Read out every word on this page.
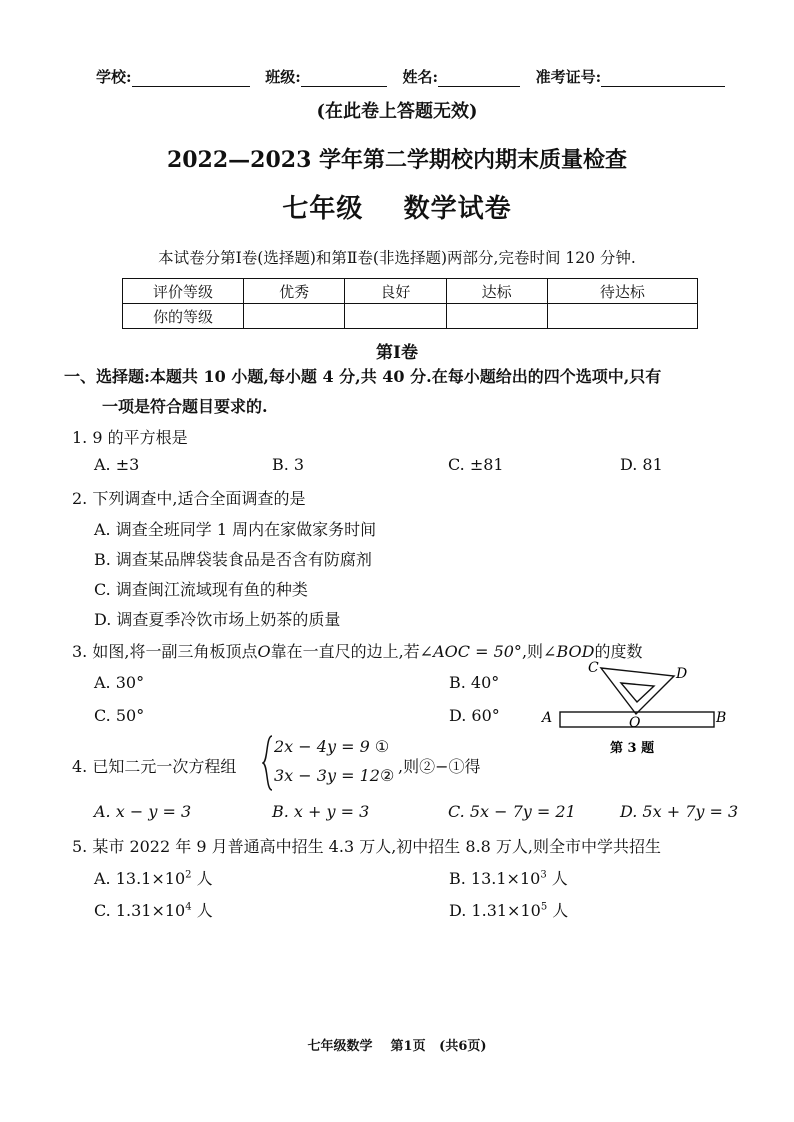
学校:	班级:	姓名:	准考证号:
(在此卷上答题无效)
2022—2023 学年第二学期校内期末质量检查
七年级    数学试卷
本试卷分第Ⅰ卷(选择题)和第Ⅱ卷(非选择题)两部分,完卷时间 120 分钟.
评价等级	优秀	良好	达标	待达标
你的等级				
第Ⅰ卷
一、选择题:本题共 10 小题,每小题 4 分,共 40 分.在每小题给出的四个选项中,只有
一项是符合题目要求的.
1. 9 的平方根是
A. ±3	B. 3	C. ±81	D. 81
2. 下列调查中,适合全面调查的是
A. 调查全班同学 1 周内在家做家务时间
B. 调查某品牌袋装食品是否含有防腐剂
C. 调查闽江流域现有鱼的种类
D. 调查夏季冷饮市场上奶茶的质量
3. 如图,将一副三角板顶点O靠在一直尺的边上,若∠AOC = 50°,则∠BOD的度数
A. 30°	B. 40°
C. 50°	D. 60°
C	D
A	O	B
第 3 题
4. 已知二元一次方程组
2x − 4y = 9 ①
3x − 3y = 12② ,则②−①得
A. x − y = 3	B. x + y = 3	C. 5x − 7y = 21	D. 5x + 7y = 3
5. 某市 2022 年 9 月普通高中招生 4.3 万人,初中招生 8.8 万人,则全市中学共招生
A. $13.1\times 10^2$ 人	B. $13.1\times 10^3$ 人
C. $1.31\times 10^4$ 人	D. $1.31\times 10^5$ 人
七年级数学    第1页   (共6页)
